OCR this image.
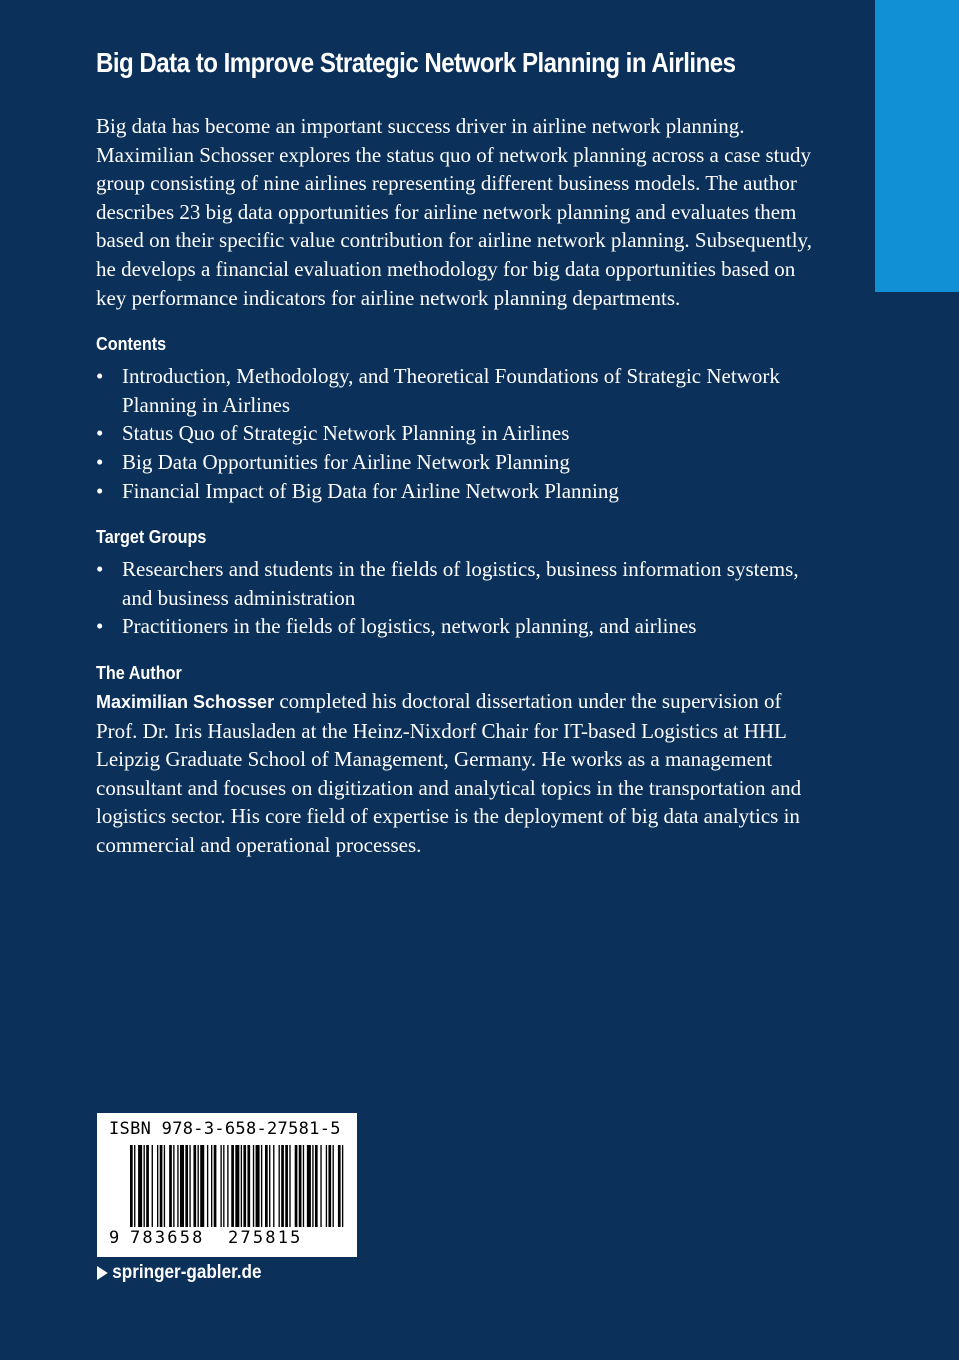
Big Data to Improve Strategic Network Planning in Airlines

Big data has become an important success driver in airline network planning. Maximilian Schosser explores the status quo of network planning across a case study group consisting of nine airlines representing different business models. The author describes 23 big data opportunities for airline network planning and evaluates them based on their specific value contribution for airline network planning. Subsequently, he develops a financial evaluation methodology for big data opportunities based on key performance indicators for airline network planning departments.

Contents
• Introduction, Methodology, and Theoretical Foundations of Strategic Network Planning in Airlines
• Status Quo of Strategic Network Planning in Airlines
• Big Data Opportunities for Airline Network Planning
• Financial Impact of Big Data for Airline Network Planning
Target Groups
• Researchers and students in the fields of logistics, business information systems, and business administration
• Practitioners in the fields of logistics, network planning, and airlines
The Author

Maximilian Schosser completed his doctoral dissertation under the supervision of Prof. Dr. Iris Hausladen at the Heinz-Nixdorf Chair for IT-based Logistics at HHL Leipzig Graduate School of Management, Germany. He works as a management consultant and focuses on digitization and analytical topics in the transportation and logistics sector. His core field of expertise is the deployment of big data analytics in commercial and operational processes.

ISBN 978-3-658-27581-5
9 783658 275815
springer-gabler.de
